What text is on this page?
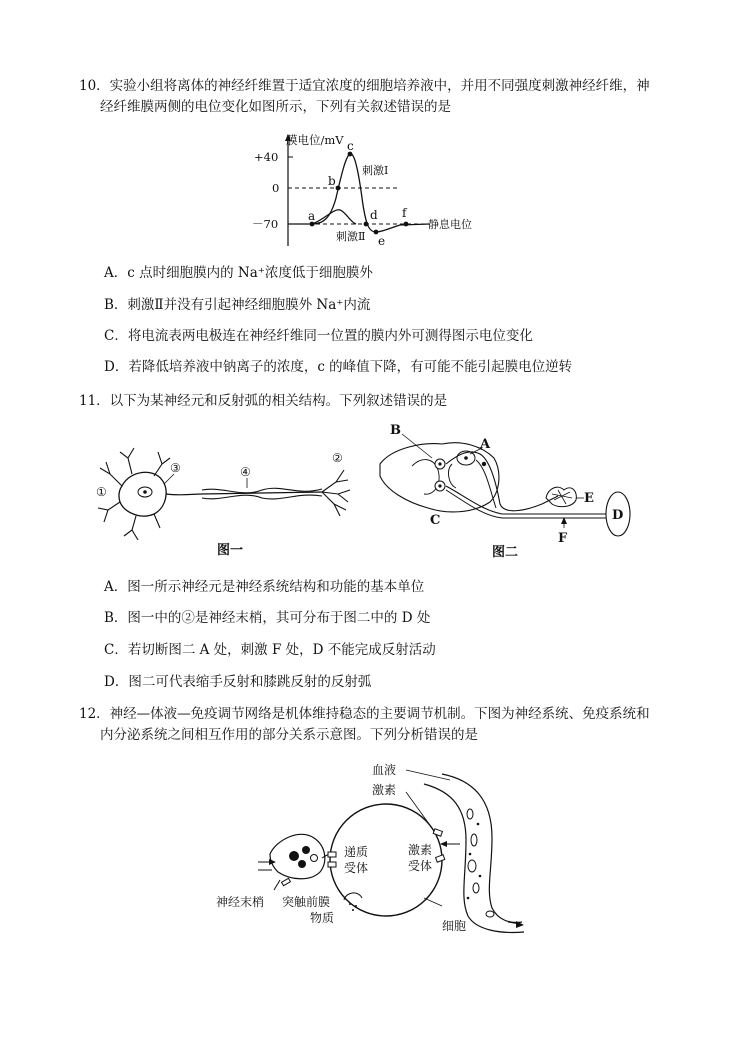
10．实验小组将离体的神经纤维置于适宜浓度的细胞培养液中，并用不同强度刺激神经纤维，神
经纤维膜两侧的电位变化如图所示，下列有关叙述错误的是
膜电位/mV
+40
0
－70
a
b
c
d
e
f
刺激Ⅰ
刺激Ⅱ
静息电位
A．c 点时细胞膜内的 Na⁺浓度低于细胞膜外
B．刺激Ⅱ并没有引起神经细胞膜外 Na⁺内流
C．将电流表两电极连在神经纤维同一位置的膜内外可测得图示电位变化
D．若降低培养液中钠离子的浓度，c 的峰值下降，有可能不能引起膜电位逆转
11．以下为某神经元和反射弧的相关结构。下列叙述错误的是
①
②
③	④
图一
B
A
C	D
E
F
图二
A．图一所示神经元是神经系统结构和功能的基本单位
B．图一中的②是神经末梢，其可分布于图二中的 D 处
C．若切断图二 A 处，刺激 F 处，D 不能完成反射活动
D．图二可代表缩手反射和膝跳反射的反射弧
12．神经—体液—免疫调节网络是机体维持稳态的主要调节机制。下图为神经系统、免疫系统和
内分泌系统之间相互作用的部分关系示意图。下列分析错误的是
血液
激素
递质
受体
激素
受体
神经末梢 突触前膜
物质
细胞
